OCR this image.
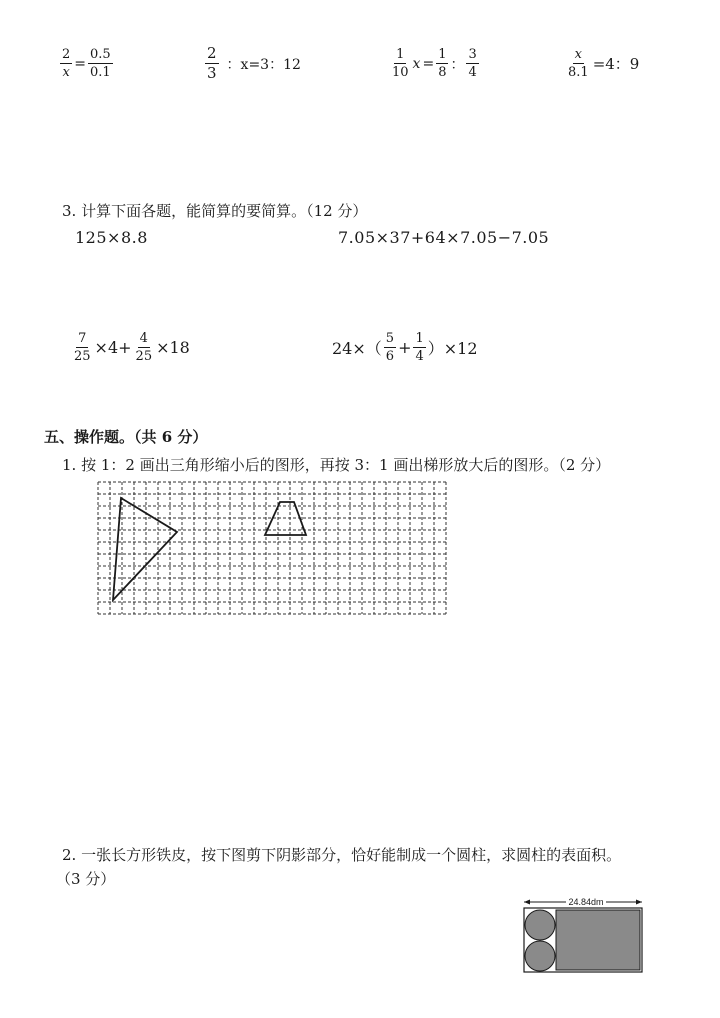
$\frac{2}{x} = \frac{0.5}{0.1}$	$\frac{2}{3}$ ：x=3：12	$\frac{1}{10}$ $x = \frac{1}{8}$ ： $\frac{3}{4}$	$\frac{x}{8.1} =4$：9
3. 计算下面各题，能简算的要简算。（12 分）
125×8.8	7.05×37+64×7.05−7.05
$\frac{7}{25} \times 4+ \frac{4}{25} \times 18$	$24\times( \frac{5}{6} + \frac{1}{4} )\times 12$
五、操作题。（共 6 分）
1. 按 1：2 画出三角形缩小后的图形，再按 3：1 画出梯形放大后的图形。（2 分）
2. 一张长方形铁皮，按下图剪下阴影部分，恰好能制成一个圆柱，求圆柱的表面积。
（3 分）
24.84dm
